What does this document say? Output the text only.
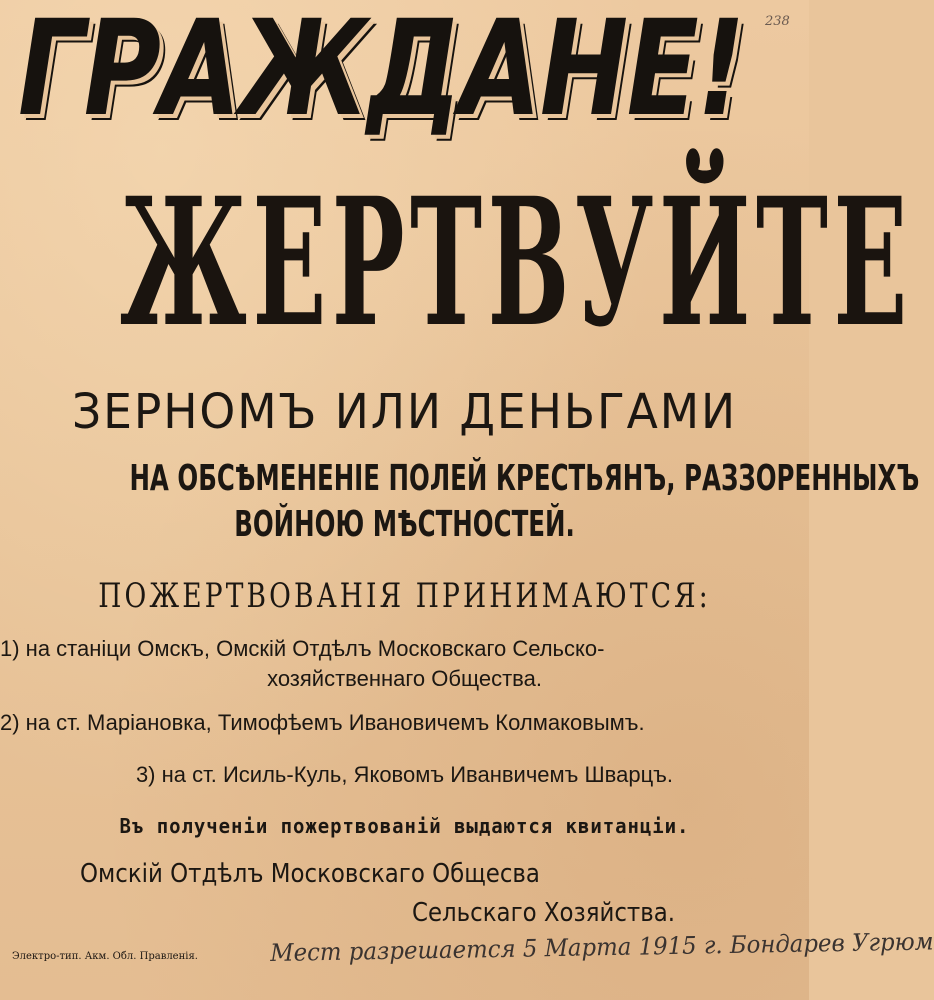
238
ГРАЖДАНЕ!
ЖЕРТВУЙТЕ
ЗЕРНОМЪ ИЛИ ДЕНЬГАМИ
НА ОБСѢМЕНЕНІЕ ПОЛЕЙ КРЕСТЬЯНЪ, РАЗЗОРЕННЫХЪ
ВОЙНОЮ МѢСТНОСТЕЙ.
ПОЖЕРТВОВАНІЯ ПРИНИМАЮТСЯ:
1) на станіци Омскъ, Омскій Отдѣлъ Московскаго Сельско-
хозяйственнаго Общества.
2) на ст. Маріановка, Тимофѣемъ Ивановичемъ Колмаковымъ.
3) на ст. Исиль-Куль, Яковомъ Иванвичемъ Шварцъ.
Въ полученіи пожертвованій выдаются квитанціи.
Омскій Отдѣлъ Московскаго Общесва
Сельскаго Хозяйства.
Электро-тип. Акм. Обл. Правленія.	Мест разрешается 5 Марта 1915 г. Бондарев Угрюм
